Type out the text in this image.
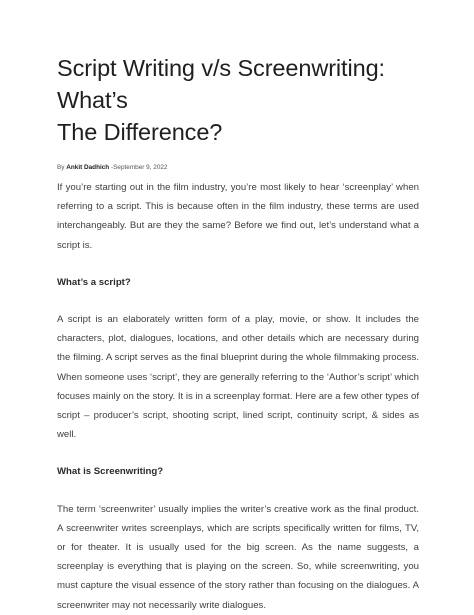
Script Writing v/s Screenwriting: What’s
The Difference?
By Ankit Dadhich -September 9, 2022

If you’re starting out in the film industry, you’re most likely to hear ‘screenplay’ when referring to a script. This is because often in the film industry, these terms are used interchangeably. But are they the same? Before we find out, let’s understand what a script is.

What’s a script?

A script is an elaborately written form of a play, movie, or show. It includes the characters, plot, dialogues, locations, and other details which are necessary during the filming. A script serves as the final blueprint during the whole filmmaking process. When someone uses ‘script’, they are generally referring to the ‘Author’s script’ which focuses mainly on the story. It is in a screenplay format. Here are a few other types of script – producer’s script, shooting script, lined script, continuity script, & sides as well.

What is Screenwriting?

The term ‘screenwriter’ usually implies the writer’s creative work as the final product. A screenwriter writes screenplays, which are scripts specifically written for films, TV, or for theater. It is usually used for the big screen. As the name suggests, a screenplay is everything that is playing on the screen. So, while screenwriting, you must capture the visual essence of the story rather than focusing on the dialogues. A screenwriter may not necessarily write dialogues.
